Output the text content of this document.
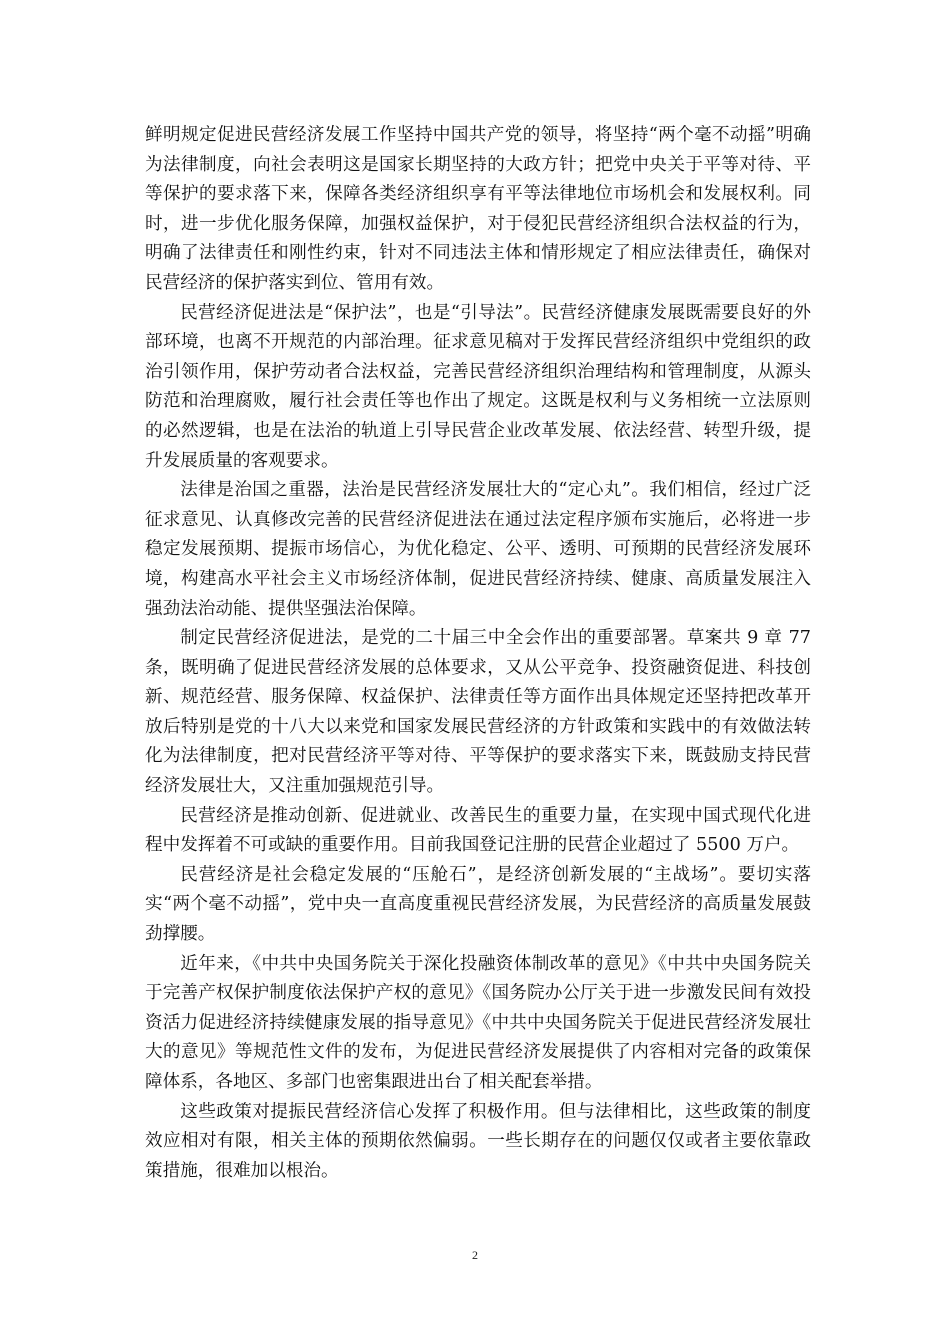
鲜明规定促进民营经济发展工作坚持中国共产党的领导，将坚持“两个毫不动摇”明确为法律制度，向社会表明这是国家长期坚持的大政方针；把党中央关于平等对待、平等保护的要求落下来，保障各类经济组织享有平等法律地位市场机会和发展权利。同时，进一步优化服务保障，加强权益保护，对于侵犯民营经济组织合法权益的行为，明确了法律责任和刚性约束，针对不同违法主体和情形规定了相应法律责任，确保对民营经济的保护落实到位、管用有效。

民营经济促进法是“保护法”，也是“引导法”。民营经济健康发展既需要良好的外部环境，也离不开规范的内部治理。征求意见稿对于发挥民营经济组织中党组织的政治引领作用，保护劳动者合法权益，完善民营经济组织治理结构和管理制度，从源头防范和治理腐败，履行社会责任等也作出了规定。这既是权利与义务相统一立法原则的必然逻辑，也是在法治的轨道上引导民营企业改革发展、依法经营、转型升级，提升发展质量的客观要求。

法律是治国之重器，法治是民营经济发展壮大的“定心丸”。我们相信，经过广泛征求意见、认真修改完善的民营经济促进法在通过法定程序颁布实施后，必将进一步稳定发展预期、提振市场信心，为优化稳定、公平、透明、可预期的民营经济发展环境，构建高水平社会主义市场经济体制，促进民营经济持续、健康、高质量发展注入强劲法治动能、提供坚强法治保障。

制定民营经济促进法，是党的二十届三中全会作出的重要部署。草案共 9 章 77 条，既明确了促进民营经济发展的总体要求，又从公平竞争、投资融资促进、科技创新、规范经营、服务保障、权益保护、法律责任等方面作出具体规定还坚持把改革开放后特别是党的十八大以来党和国家发展民营经济的方针政策和实践中的有效做法转化为法律制度，把对民营经济平等对待、平等保护的要求落实下来，既鼓励支持民营经济发展壮大，又注重加强规范引导。

民营经济是推动创新、促进就业、改善民生的重要力量，在实现中国式现代化进程中发挥着不可或缺的重要作用。目前我国登记注册的民营企业超过了 5500 万户。

民营经济是社会稳定发展的“压舱石”，是经济创新发展的“主战场”。要切实落实“两个毫不动摇”，党中央一直高度重视民营经济发展，为民营经济的高质量发展鼓劲撑腰。

近年来，《中共中央国务院关于深化投融资体制改革的意见》《中共中央国务院关于完善产权保护制度依法保护产权的意见》《国务院办公厅关于进一步激发民间有效投资活力促进经济持续健康发展的指导意见》《中共中央国务院关于促进民营经济发展壮大的意见》等规范性文件的发布，为促进民营经济发展提供了内容相对完备的政策保障体系，各地区、多部门也密集跟进出台了相关配套举措。

这些政策对提振民营经济信心发挥了积极作用。但与法律相比，这些政策的制度效应相对有限，相关主体的预期依然偏弱。一些长期存在的问题仅仅或者主要依靠政策措施，很难加以根治。

2
